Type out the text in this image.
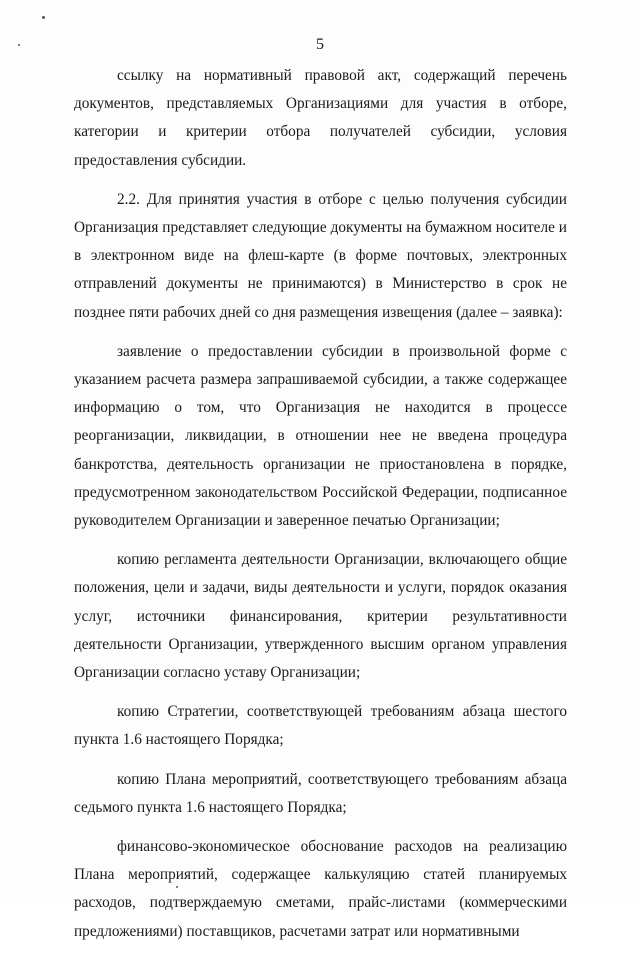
5

ссылку на нормативный правовой акт, содержащий перечень документов, представляемых Организациями для участия в отборе, категории и критерии отбора получателей субсидии, условия предоставления субсидии.

2.2. Для принятия участия в отборе с целью получения субсидии Организация представляет следующие документы на бумажном носителе и в электронном виде на флеш-карте (в форме почтовых, электронных отправлений документы не принимаются) в Министерство в срок не позднее пяти рабочих дней со дня размещения извещения (далее – заявка):

заявление о предоставлении субсидии в произвольной форме с указанием расчета размера запрашиваемой субсидии, а также содержащее информацию о том, что Организация не находится в процессе реорганизации, ликвидации, в отношении нее не введена процедура банкротства, деятельность организации не приостановлена в порядке, предусмотренном законодательством Российской Федерации, подписанное руководителем Организации и заверенное печатью Организации;

копию регламента деятельности Организации, включающего общие положения, цели и задачи, виды деятельности и услуги, порядок оказания услуг, источники финансирования, критерии результативности деятельности Организации, утвержденного высшим органом управления Организации согласно уставу Организации;

копию Стратегии, соответствующей требованиям абзаца шестого пункта 1.6 настоящего Порядка;

копию Плана мероприятий, соответствующего требованиям абзаца седьмого пункта 1.6 настоящего Порядка;

финансово-экономическое обоснование расходов на реализацию Плана мероприятий, содержащее калькуляцию статей планируемых расходов, подтверждаемую сметами, прайс-листами (коммерческими предложениями) поставщиков, расчетами затрат или нормативными
